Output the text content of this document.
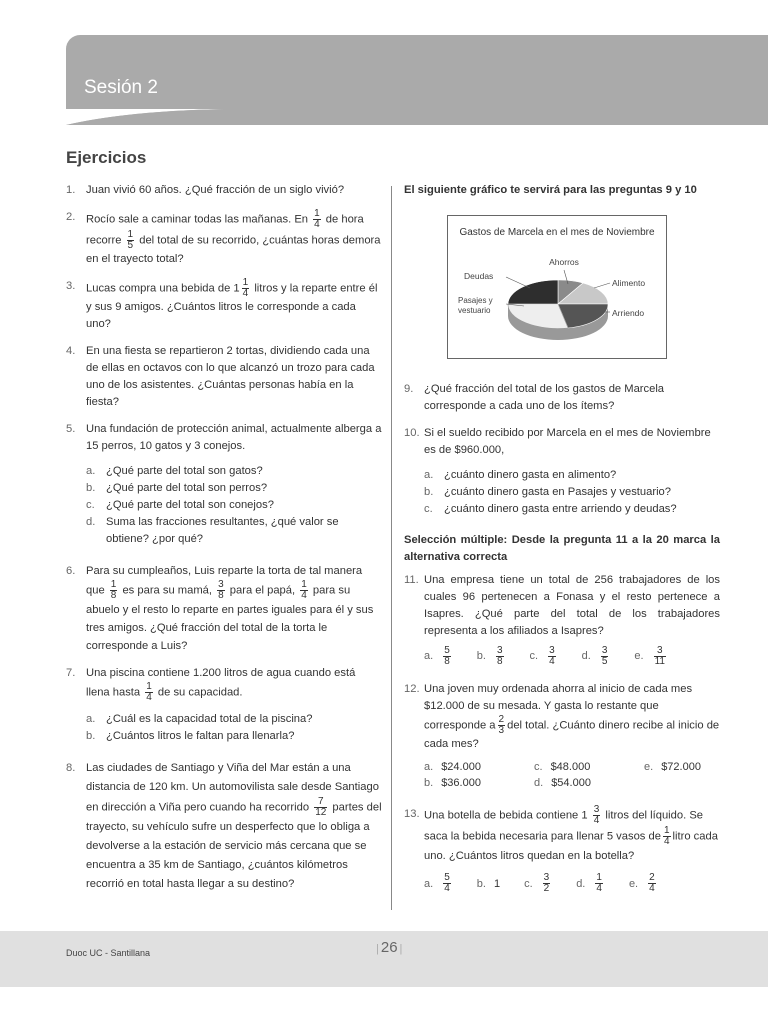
Sesión 2
Ejercicios
1. Juan vivió 60 años. ¿Qué fracción de un siglo vivió?
2. Rocío sale a caminar todas las mañanas. En $\frac{1}{4}$ de hora recorre $\frac{1}{5}$ del total de su recorrido, ¿cuántas horas demora en el trayecto total?
3. Lucas compra una bebida de $1 \frac{1}{4}$ litros y la reparte entre él y sus 9 amigos. ¿Cuántos litros le corresponde a cada uno?
4. En una fiesta se repartieron 2 tortas, dividiendo cada una de ellas en octavos con lo que alcanzó un trozo para cada uno de los asistentes. ¿Cuántas personas había en la fiesta?
5. Una fundación de protección animal, actualmente alberga a 15 perros, 10 gatos y 3 conejos.
a. ¿Qué parte del total son gatos?
b. ¿Qué parte del total son perros?
c. ¿Qué parte del total son conejos?
d. Suma las fracciones resultantes, ¿qué valor se obtiene? ¿por qué?
6. Para su cumpleaños, Luis reparte la torta de tal manera que $\frac{1}{8}$ es para su mamá, $\frac{3}{8}$ para el papá, $\frac{1}{4}$ para su abuelo y el resto lo reparte en partes iguales para él y sus tres amigos. ¿Qué fracción del total de la torta le corresponde a Luis?
7. Una piscina contiene 1.200 litros de agua cuando está llena hasta $\frac{1}{4}$ de su capacidad.
a. ¿Cuál es la capacidad total de la piscina?
b. ¿Cuántos litros le faltan para llenarla?
8. Las ciudades de Santiago y Viña del Mar están a una distancia de 120 km. Un automovilista sale desde Santiago en dirección a Viña pero cuando ha recorrido $\frac{7}{12}$ partes del trayecto, su vehículo sufre un desperfecto que lo obliga a devolverse a la estación de servicio más cercana que se encuentra a 35 km de Santiago, ¿cuántos kilómetros recorrió en total hasta llegar a su destino?
El siguiente gráfico te servirá para las preguntas 9 y 10
Gastos de Marcela en el mes de Noviembre
Ahorros
Deudas
Alimento
Pasajes y
vestuario	Arriendo
9. ¿Qué fracción del total de los gastos de Marcela corresponde a cada uno de los ítems?
10. Si el sueldo recibido por Marcela en el mes de Noviembre es de $960.000,
a. ¿cuánto dinero gasta en alimento?
b. ¿cuánto dinero gasta en Pasajes y vestuario?
c. ¿cuánto dinero gasta entre arriendo y deudas?
Selección múltiple: Desde la pregunta 11 a la 20 marca la alternativa correcta
11. Una empresa tiene un total de 256 trabajadores de los cuales 96 pertenecen a Fonasa y el resto pertenece a Isapres. ¿Qué parte del total de los trabajadores representa a los afiliados a Isapres?
a. $\frac{5}{8} b$. $\frac{3}{8} c$. $\frac{3}{4} d$. $\frac{3}{5} e$. $\frac{3}{11}$
12. Una joven muy ordenada ahorra al inicio de cada mes $12.000 de su mesada. Y gasta lo restante que corresponde a $\frac{2}{3}$ del total. ¿Cuánto dinero recibe al inicio de cada mes?
a. $24.000	c. $48.000	e. $72.000
b. $36.000	d. $54.000
13. Una botella de bebida contiene $1 \frac{3}{4}$ litros del líquido. Se saca la bebida necesaria para llenar 5 vasos de $\frac{1}{4}$ litro cada uno. ¿Cuántos litros quedan en la botella?
a. $\frac{5}{4} b$. 1 c. $\frac{3}{2} d$. $\frac{1}{4} e$. $\frac{2}{4}$
Duoc UC - Santillana
|	26 |
